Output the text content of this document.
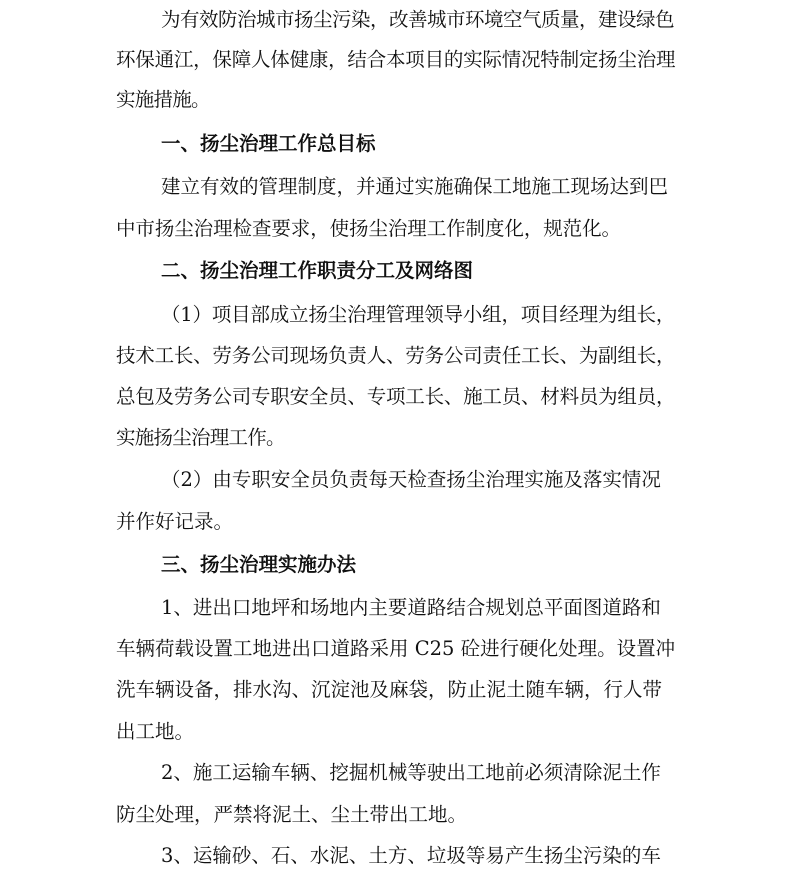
为有效防治城市扬尘污染，改善城市环境空气质量，建设绿色
环保通江，保障人体健康，结合本项目的实际情况特制定扬尘治理
实施措施。
一、扬尘治理工作总目标
建立有效的管理制度，并通过实施确保工地施工现场达到巴
中市扬尘治理检查要求，使扬尘治理工作制度化，规范化。
二、扬尘治理工作职责分工及网络图
（1）项目部成立扬尘治理管理领导小组，项目经理为组长，
技术工长、劳务公司现场负责人、劳务公司责任工长、为副组长，
总包及劳务公司专职安全员、专项工长、施工员、材料员为组员，
实施扬尘治理工作。
（2）由专职安全员负责每天检查扬尘治理实施及落实情况
并作好记录。
三、扬尘治理实施办法
1、进出口地坪和场地内主要道路结合规划总平面图道路和
车辆荷载设置工地进出口道路采用 C25 砼进行硬化处理。设置冲
洗车辆设备，排水沟、沉淀池及麻袋，防止泥土随车辆，行人带
出工地。
2、施工运输车辆、挖掘机械等驶出工地前必须清除泥土作
防尘处理，严禁将泥土、尘土带出工地。
3、运输砂、石、水泥、土方、垃圾等易产生扬尘污染的车
